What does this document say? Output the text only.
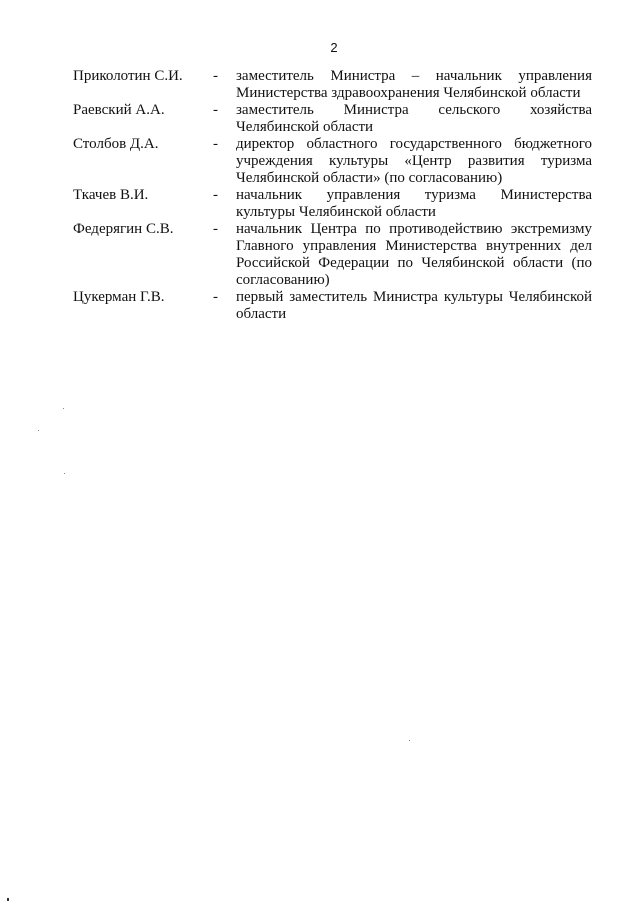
2
Приколотин С.И. - заместитель Министра – начальник управления Министерства здравоохранения Челябинской области
Раевский А.А.	- заместитель Министра сельского хозяйства Челябинской области
Столбов Д.А.	- директор областного государственного бюджетного учреждения культуры «Центр развития туризма Челябинской области» (по согласованию)
Ткачев В.И.	- начальник управления туризма Министерства культуры Челябинской области
Федерягин С.В.	- начальник Центра по противодействию экстремизму Главного управления Министерства внутренних дел Российской Федерации по Челябинской области (по согласованию)
Цукерман Г.В.	- первый заместитель Министра культуры Челябинской области
